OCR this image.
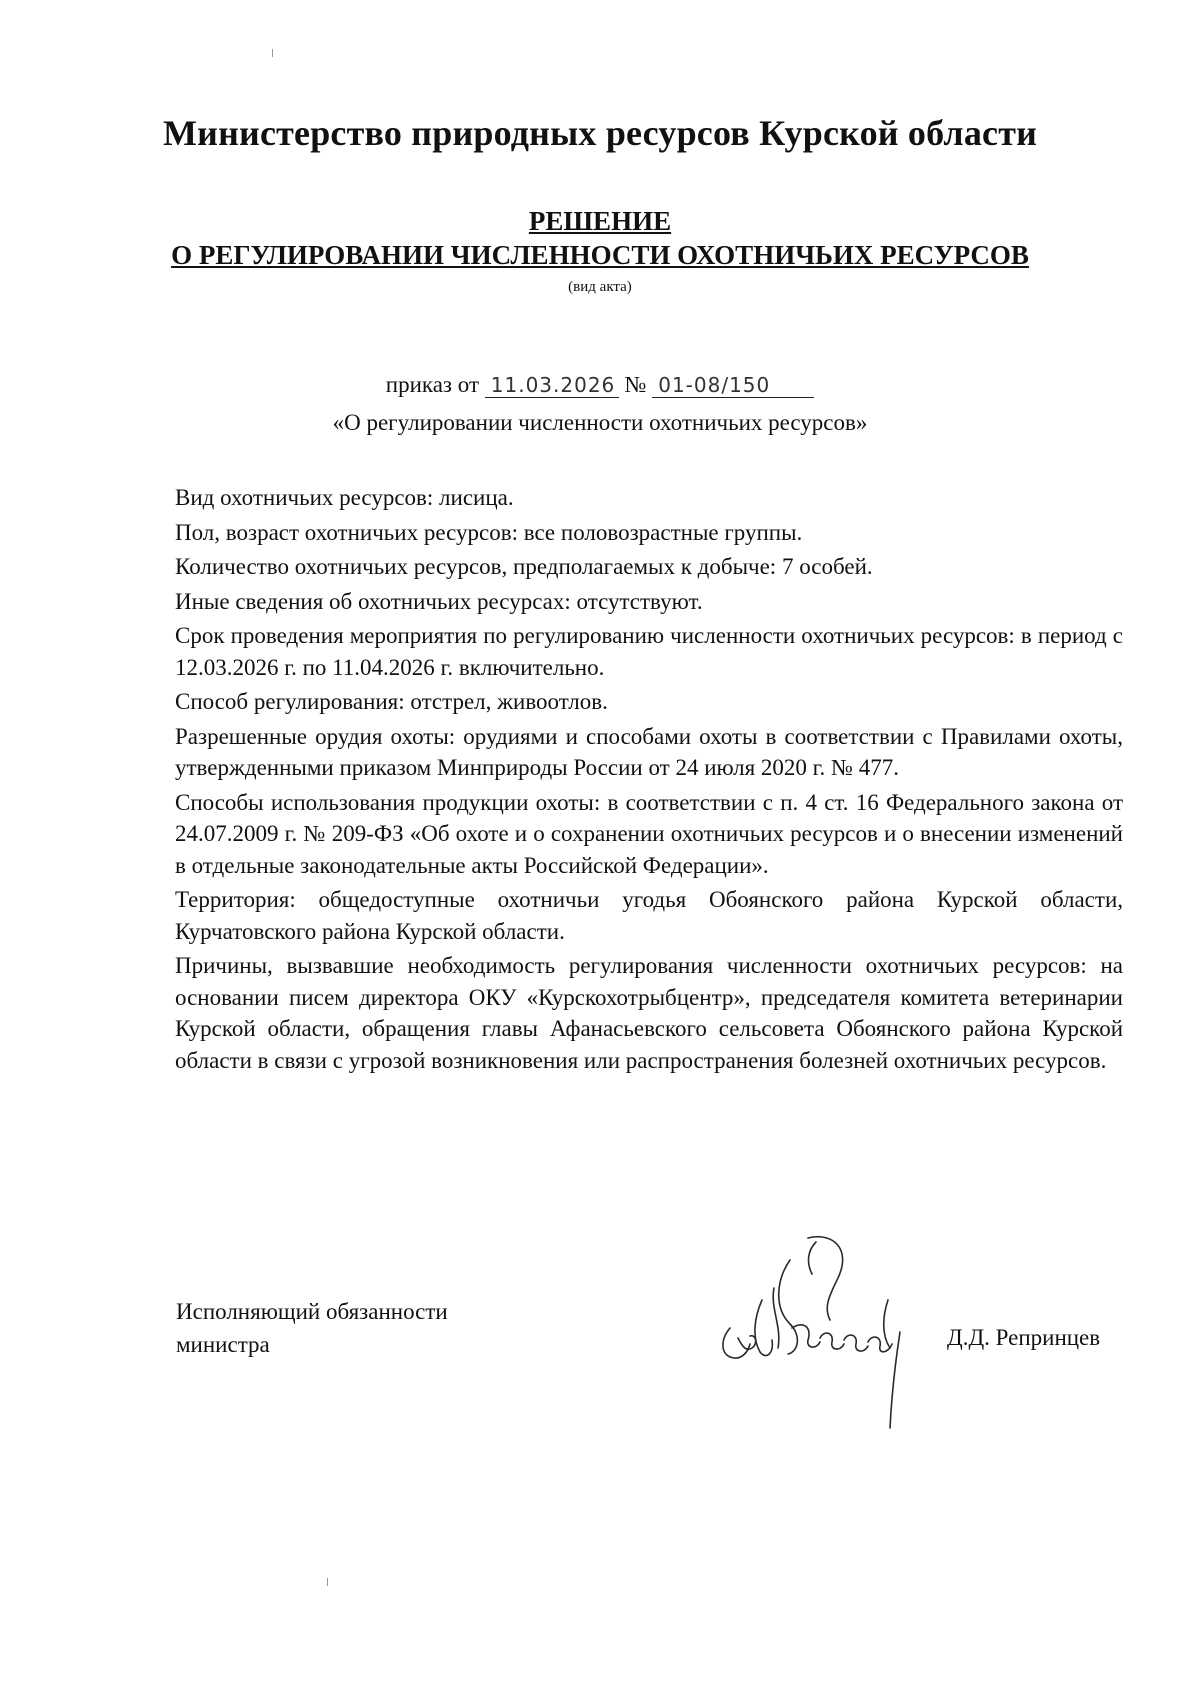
Министерство природных ресурсов Курской области
РЕШЕНИЕ
О РЕГУЛИРОВАНИИ ЧИСЛЕННОСТИ ОХОТНИЧЬИХ РЕСУРСОВ
(вид акта)
приказ от 11.03.2026 № 01-08/150
«О регулировании численности охотничьих ресурсов»

Вид охотничьих ресурсов: лисица.

Пол, возраст охотничьих ресурсов: все половозрастные группы.

Количество охотничьих ресурсов, предполагаемых к добыче: 7 особей.

Иные сведения об охотничьих ресурсах: отсутствуют.

Срок проведения мероприятия по регулированию численности охотничьих ресурсов: в период с 12.03.2026 г. по 11.04.2026 г. включительно.

Способ регулирования: отстрел, живоотлов.

Разрешенные орудия охоты: орудиями и способами охоты в соответствии с Правилами охоты, утвержденными приказом Минприроды России от 24 июля 2020 г. № 477.

Способы использования продукции охоты: в соответствии с п. 4 ст. 16 Федерального закона от 24.07.2009 г. № 209-ФЗ «Об охоте и о сохранении охотничьих ресурсов и о внесении изменений в отдельные законодательные акты Российской Федерации».

Территория: общедоступные охотничьи угодья Обоянского района Курской области, Курчатовского района Курской области.

Причины, вызвавшие необходимость регулирования численности охотничьих ресурсов: на основании писем директора ОКУ «Курскохотрыбцентр», председателя комитета ветеринарии Курской области, обращения главы Афанасьевского сельсовета Обоянского района Курской области в связи с угрозой возникновения или распространения болезней охотничьих ресурсов.

Исполняющий обязанности
министра	Д.Д. Репринцев
